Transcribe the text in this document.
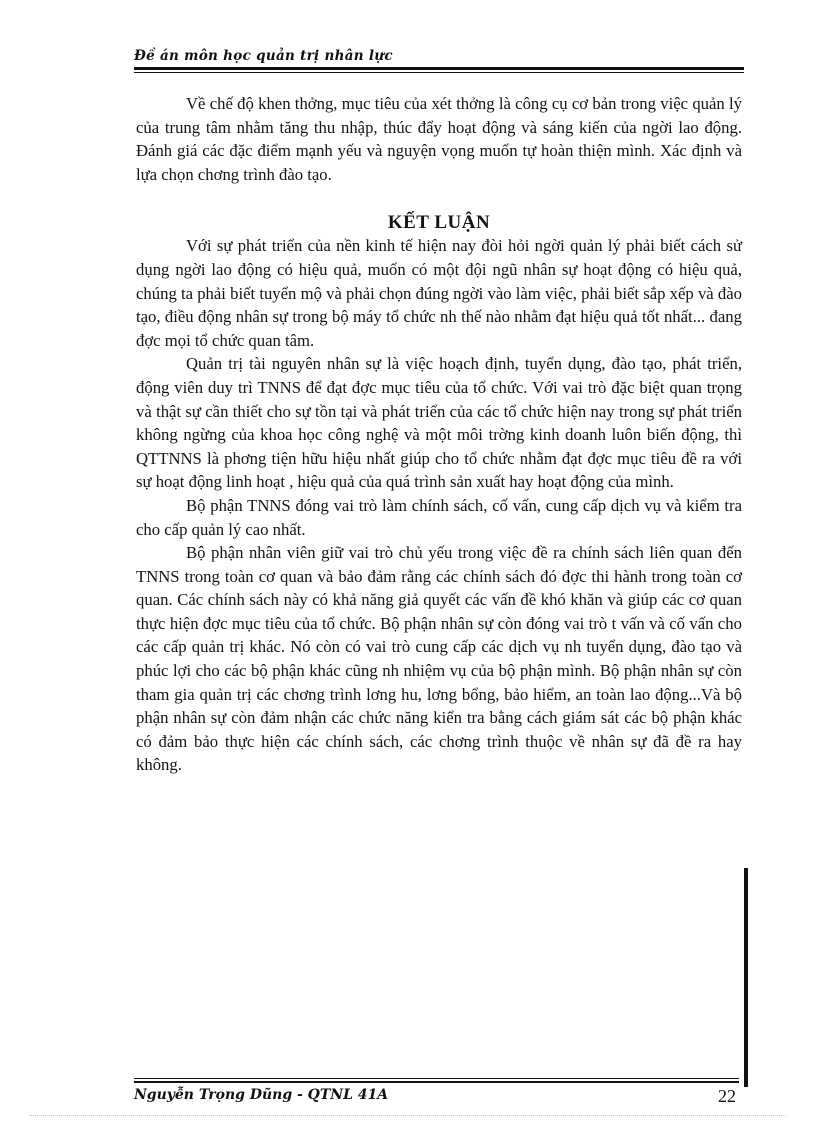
Đề án môn học quản trị nhân lực

Về chế độ khen thởng, mục tiêu của xét thởng là công cụ cơ bản trong việc quản lý của trung tâm nhằm tăng thu nhập, thúc đẩy hoạt động và sáng kiến của ngời lao động. Đánh giá các đặc điểm mạnh yếu và nguyện vọng muốn tự hoàn thiện mình. Xác định và lựa chọn chơng trình đào tạo.

KẾT LUẬN

Với sự phát triển của nền kinh tế hiện nay đòi hỏi ngời quản lý phải biết cách sử dụng ngời lao động có hiệu quả, muốn có một đội ngũ nhân sự hoạt động có hiệu quả, chúng ta phải biết tuyển mộ và phải chọn đúng ngời vào làm việc, phải biết sắp xếp và đào tạo, điều động nhân sự trong bộ máy tổ chức nh thế nào nhằm đạt hiệu quả tốt nhất... đang đợc mọi tổ chức quan tâm.

Quản trị tài nguyên nhân sự là việc hoạch định, tuyển dụng, đào tạo, phát triển, động viên duy trì TNNS để đạt đợc mục tiêu của tổ chức. Với vai trò đặc biệt quan trọng và thật sự cần thiết cho sự tồn tại và phát triển của các tổ chức hiện nay trong sự phát triển không ngừng của khoa học công nghệ và một môi trờng kinh doanh luôn biến động, thì QTTNNS là phơng tiện hữu hiệu nhất giúp cho tổ chức nhằm đạt đợc mục tiêu đề ra với sự hoạt động linh hoạt , hiệu quả của quá trình sản xuất hay hoạt động của mình.

Bộ phận TNNS đóng vai trò làm chính sách, cố vấn, cung cấp dịch vụ và kiểm tra cho cấp quản lý cao nhất.

Bộ phận nhân viên giữ vai trò chủ yếu trong việc đề ra chính sách liên quan đến TNNS trong toàn cơ quan và bảo đảm rằng các chính sách đó đợc thi hành trong toàn cơ quan. Các chính sách này có khả năng giả quyết các vấn đề khó khăn và giúp các cơ quan thực hiện đợc mục tiêu của tổ chức. Bộ phận nhân sự còn đóng vai trò t vấn và cố vấn cho các cấp quản trị khác. Nó còn có vai trò cung cấp các dịch vụ nh tuyển dụng, đào tạo và phúc lợi cho các bộ phận khác cũng nh nhiệm vụ của bộ phận mình. Bộ phận nhân sự còn tham gia quản trị các chơng trình lơng hu, lơng bổng, bảo hiểm, an toàn lao động...Và bộ phận nhân sự còn đảm nhận các chức năng kiển tra bằng cách giám sát các bộ phận khác có đảm bảo thực hiện các chính sách, các chơng trình thuộc về nhân sự đã đề ra hay không.

Nguyễn Trọng Dũng - QTNL 41A	22
